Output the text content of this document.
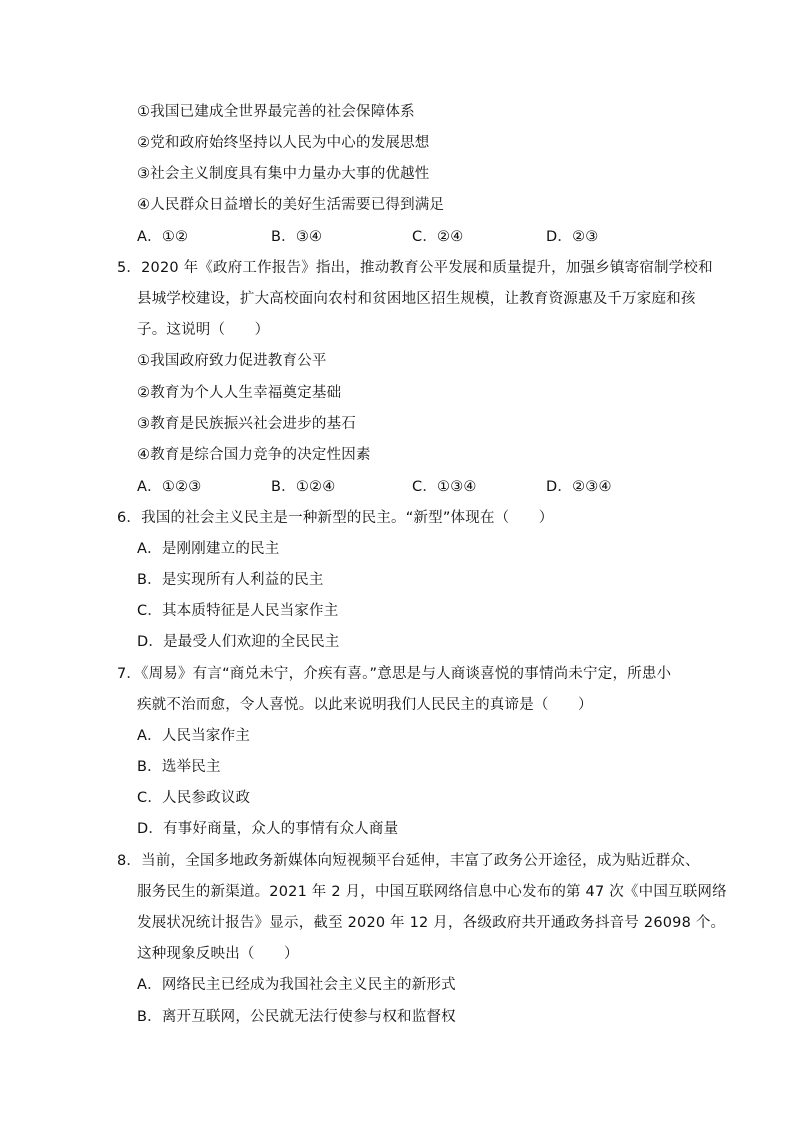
①我国已建成全世界最完善的社会保障体系
②党和政府始终坚持以人民为中心的发展思想
③社会主义制度具有集中力量办大事的优越性
④人民群众日益增长的美好生活需要已得到满足
A．①②	B．③④	C．②④	D．②③
5．2020 年《政府工作报告》指出，推动教育公平发展和质量提升，加强乡镇寄宿制学校和
县城学校建设，扩大高校面向农村和贫困地区招生规模，让教育资源惠及千万家庭和孩
子。这说明（　　）
①我国政府致力促进教育公平
②教育为个人人生幸福奠定基础
③教育是民族振兴社会进步的基石
④教育是综合国力竞争的决定性因素
A．①②③	B．①②④	C．①③④	D．②③④
6．我国的社会主义民主是一种新型的民主。“新型”体现在（　　）
A．是刚刚建立的民主
B．是实现所有人利益的民主
C．其本质特征是人民当家作主
D．是最受人们欢迎的全民民主
7．《周易》有言“商兑未宁，介疾有喜。”意思是与人商谈喜悦的事情尚未宁定，所患小
疾就不治而愈，令人喜悦。以此来说明我们人民民主的真谛是（　　）
A．人民当家作主
B．选举民主
C．人民参政议政
D．有事好商量，众人的事情有众人商量
8．当前，全国多地政务新媒体向短视频平台延伸，丰富了政务公开途径，成为贴近群众、
服务民生的新渠道。2021 年 2 月，中国互联网络信息中心发布的第 47 次《中国互联网络
发展状况统计报告》显示，截至 2020 年 12 月，各级政府共开通政务抖音号 26098 个。
这种现象反映出（　　）
A．网络民主已经成为我国社会主义民主的新形式
B．离开互联网，公民就无法行使参与权和监督权
